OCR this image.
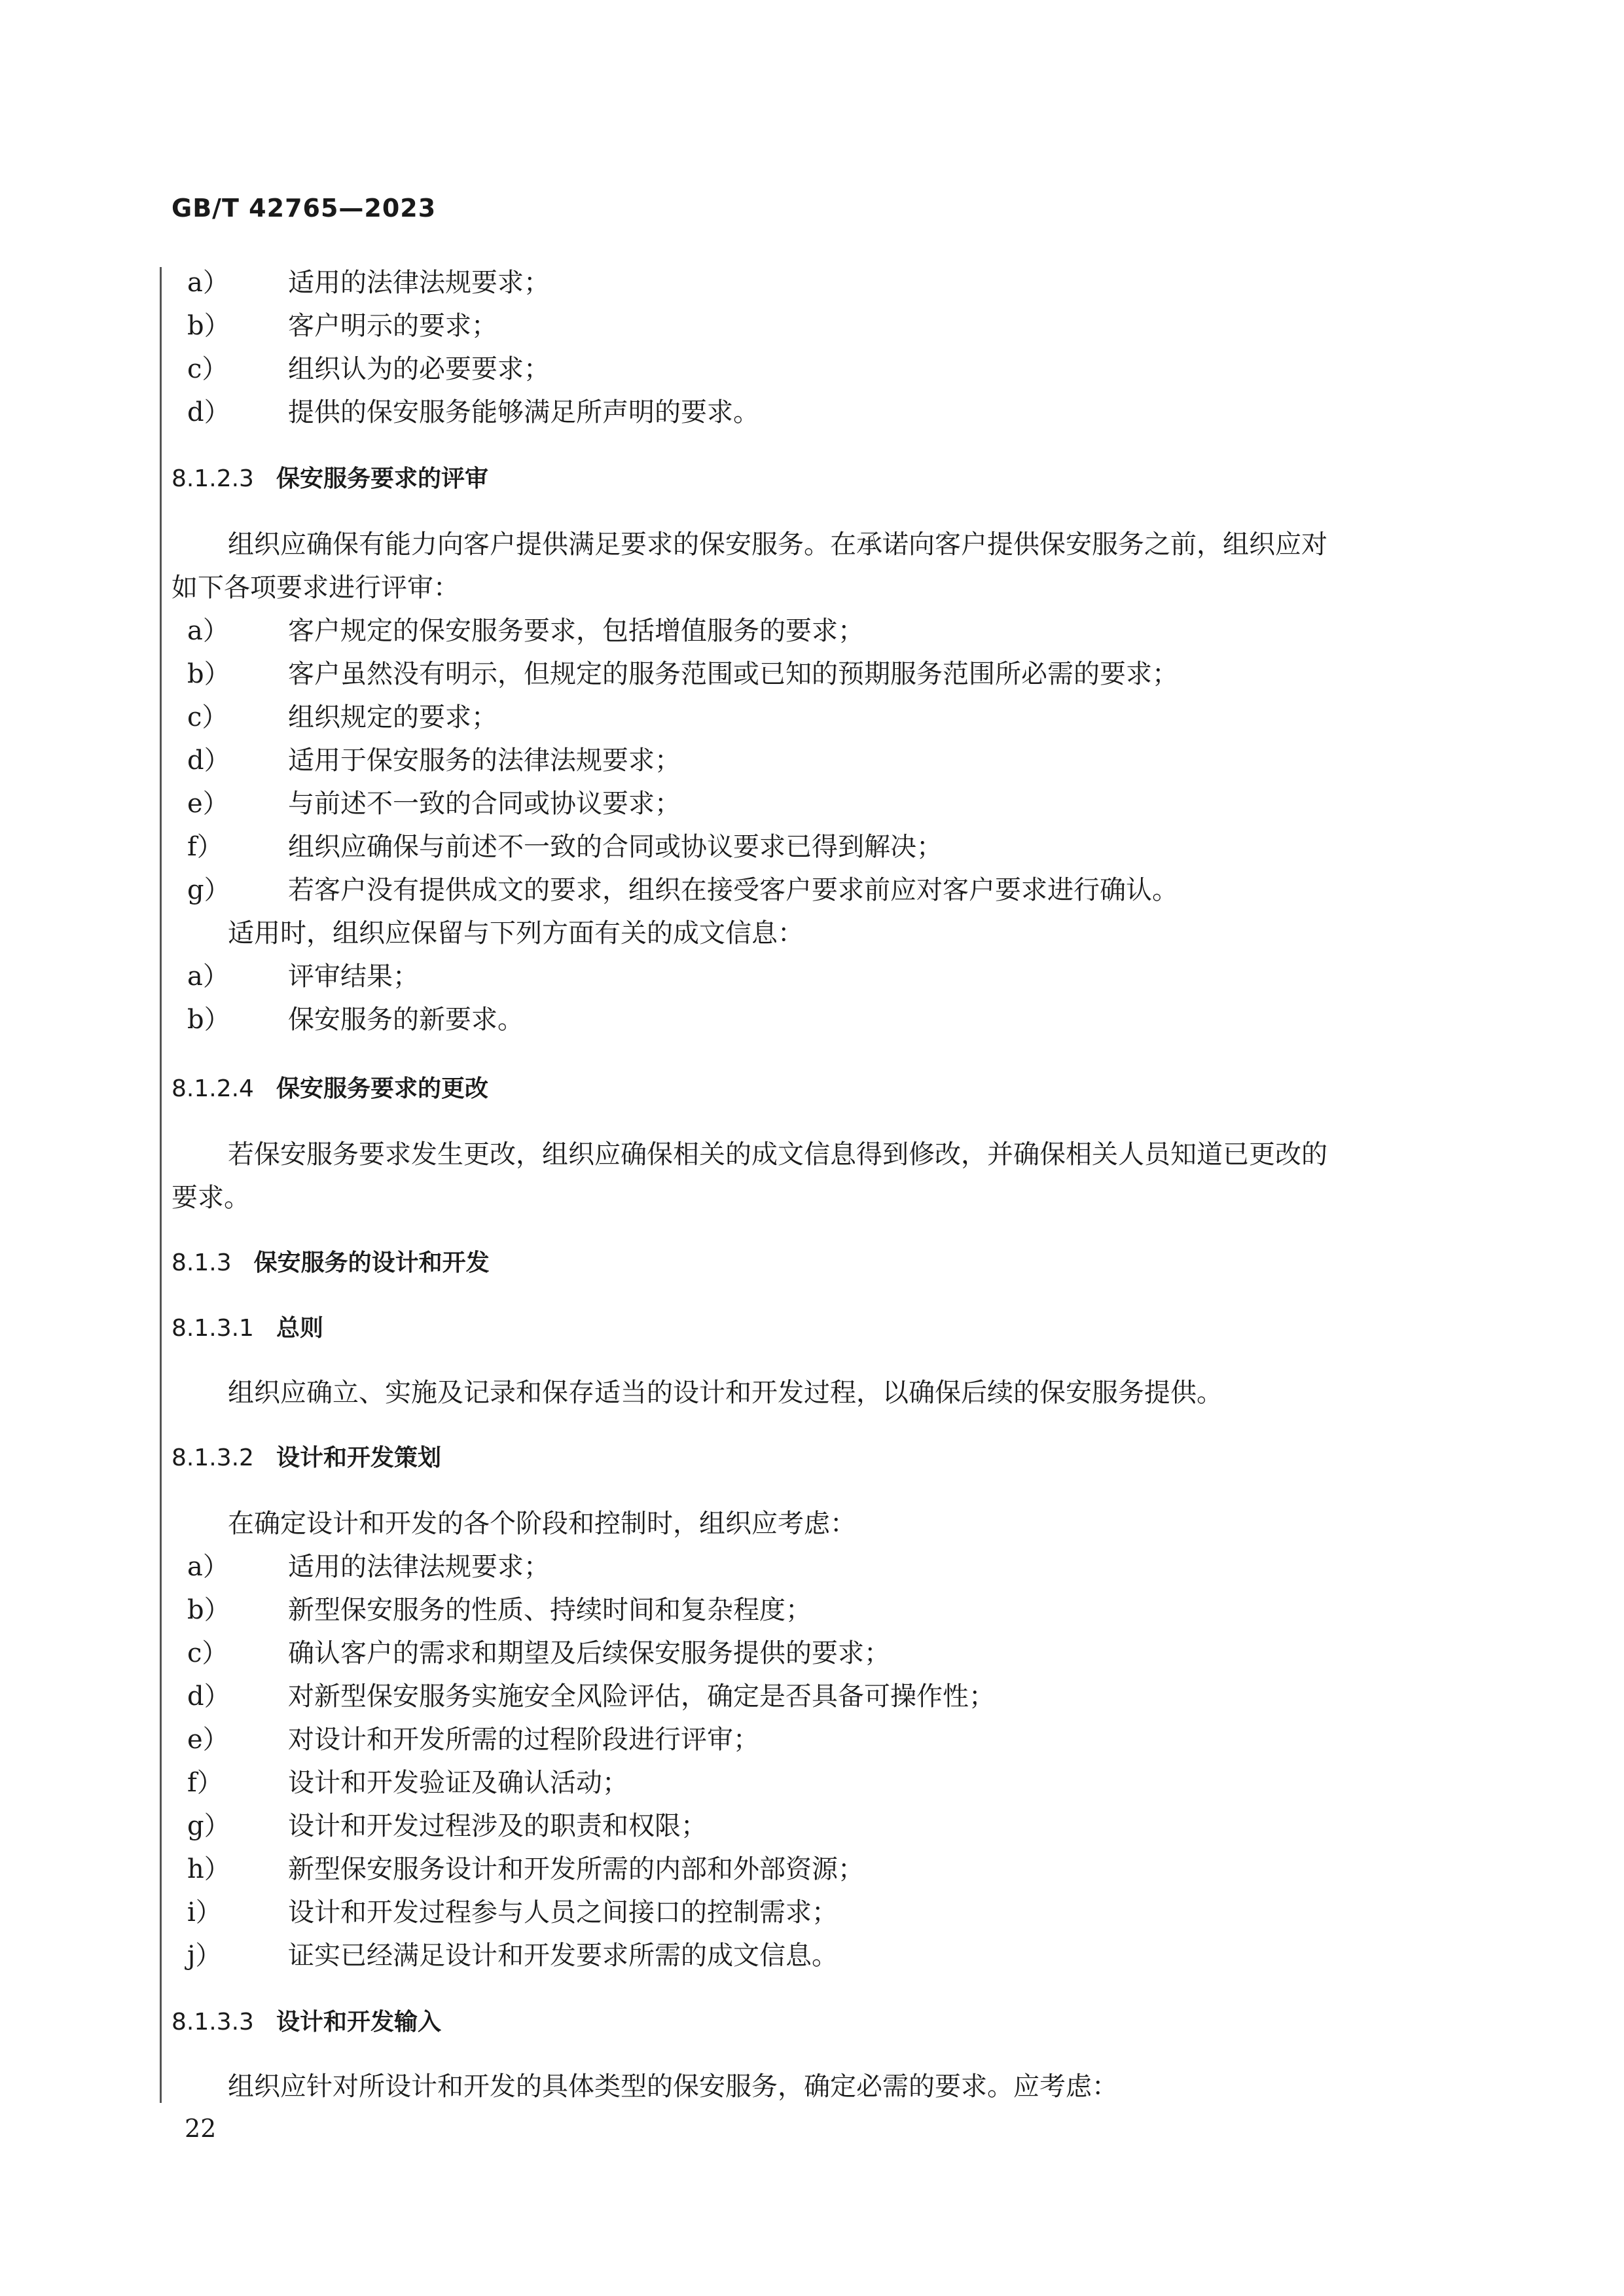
GB/T 42765—2023
a） 适用的法律法规要求；
b） 客户明示的要求；
c） 组织认为的必要要求；
d） 提供的保安服务能够满足所声明的要求。
8.1.2.3 保安服务要求的评审
组织应确保有能力向客户提供满足要求的保安服务。在承诺向客户提供保安服务之前，组织应对
如下各项要求进行评审：
a） 客户规定的保安服务要求，包括增值服务的要求；
b） 客户虽然没有明示，但规定的服务范围或已知的预期服务范围所必需的要求；
c） 组织规定的要求；
d） 适用于保安服务的法律法规要求；
e） 与前述不一致的合同或协议要求；
f） 组织应确保与前述不一致的合同或协议要求已得到解决；
g） 若客户没有提供成文的要求，组织在接受客户要求前应对客户要求进行确认。
适用时，组织应保留与下列方面有关的成文信息：
a） 评审结果；
b） 保安服务的新要求。
8.1.2.4 保安服务要求的更改
若保安服务要求发生更改，组织应确保相关的成文信息得到修改，并确保相关人员知道已更改的
要求。
8.1.3 保安服务的设计和开发
8.1.3.1 总则
组织应确立、实施及记录和保存适当的设计和开发过程，以确保后续的保安服务提供。
8.1.3.2 设计和开发策划
在确定设计和开发的各个阶段和控制时，组织应考虑：
a） 适用的法律法规要求；
b） 新型保安服务的性质、持续时间和复杂程度；
c） 确认客户的需求和期望及后续保安服务提供的要求；
d） 对新型保安服务实施安全风险评估，确定是否具备可操作性；
e） 对设计和开发所需的过程阶段进行评审；
f） 设计和开发验证及确认活动；
g） 设计和开发过程涉及的职责和权限；
h） 新型保安服务设计和开发所需的内部和外部资源；
i）	设计和开发过程参与人员之间接口的控制需求；
j）	证实已经满足设计和开发要求所需的成文信息。
8.1.3.3 设计和开发输入
组织应针对所设计和开发的具体类型的保安服务，确定必需的要求。应考虑：
22
